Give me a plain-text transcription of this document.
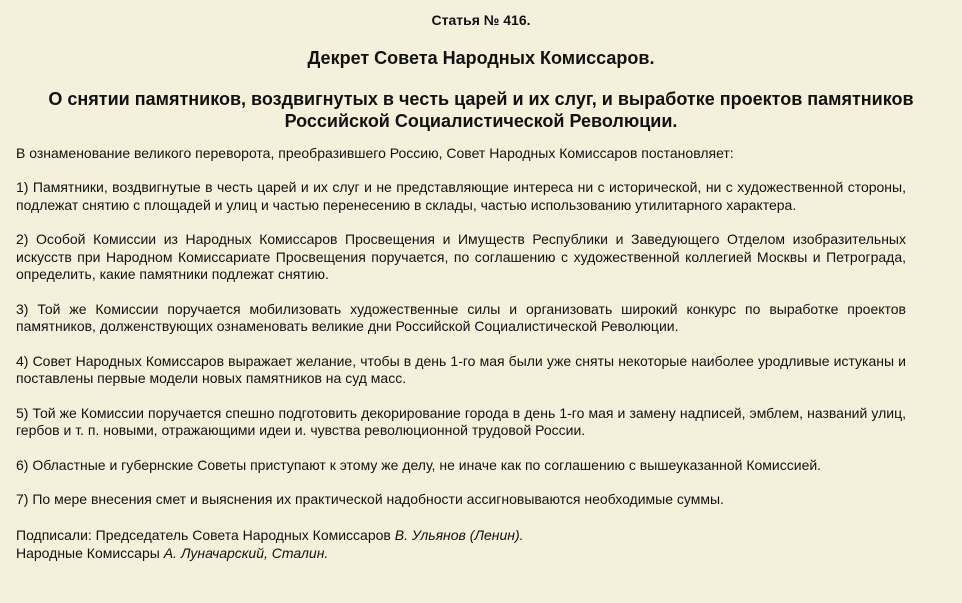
Статья № 416.

Декрет Совета Народных Комиссаров.
О снятии памятников, воздвигнутых в честь царей и их слуг, и выработке проектов памятников Российской Социалистической Революции.

В ознаменование великого переворота, преобразившего Россию, Совет Народных Комиссаров постановляет:

1) Памятники, воздвигнутые в честь царей и их слуг и не представляющие интереса ни с исторической, ни с художественной стороны, подлежат снятию с площадей и улиц и частью перенесению в склады, частью использованию утилитарного характера.

2) Особой Комиссии из Народных Комиссаров Просвещения и Имуществ Республики и Заведующего Отделом изобразительных искусств при Народном Комиссариате Просвещения поручается, по соглашению с художественной коллегией Москвы и Петрограда, определить, какие памятники подлежат снятию.

3) Той же Комиссии поручается мобилизовать художественные силы и организовать широкий конкурс по выработке проектов памятников, долженствующих ознаменовать великие дни Российской Социалистической Революции.

4) Совет Народных Комиссаров выражает желание, чтобы в день 1-го мая были уже сняты некоторые наиболее уродливые истуканы и поставлены первые модели новых памятников на суд масс.

5) Той же Комиссии поручается спешно подготовить декорирование города в день 1-го мая и замену надписей, эмблем, названий улиц, гербов и т. п. новыми, отражающими идеи и. чувства революционной трудовой России.

6) Областные и губернские Советы приступают к этому же делу, не иначе как по соглашению с вышеуказанной Комиссией.

7) По мере внесения смет и выяснения их практической надобности ассигновываются необходимые суммы.

Подписали: Председатель Совета Народных Комиссаров В. Ульянов (Ленин).
Народные Комиссары А. Луначарский, Сталин.
